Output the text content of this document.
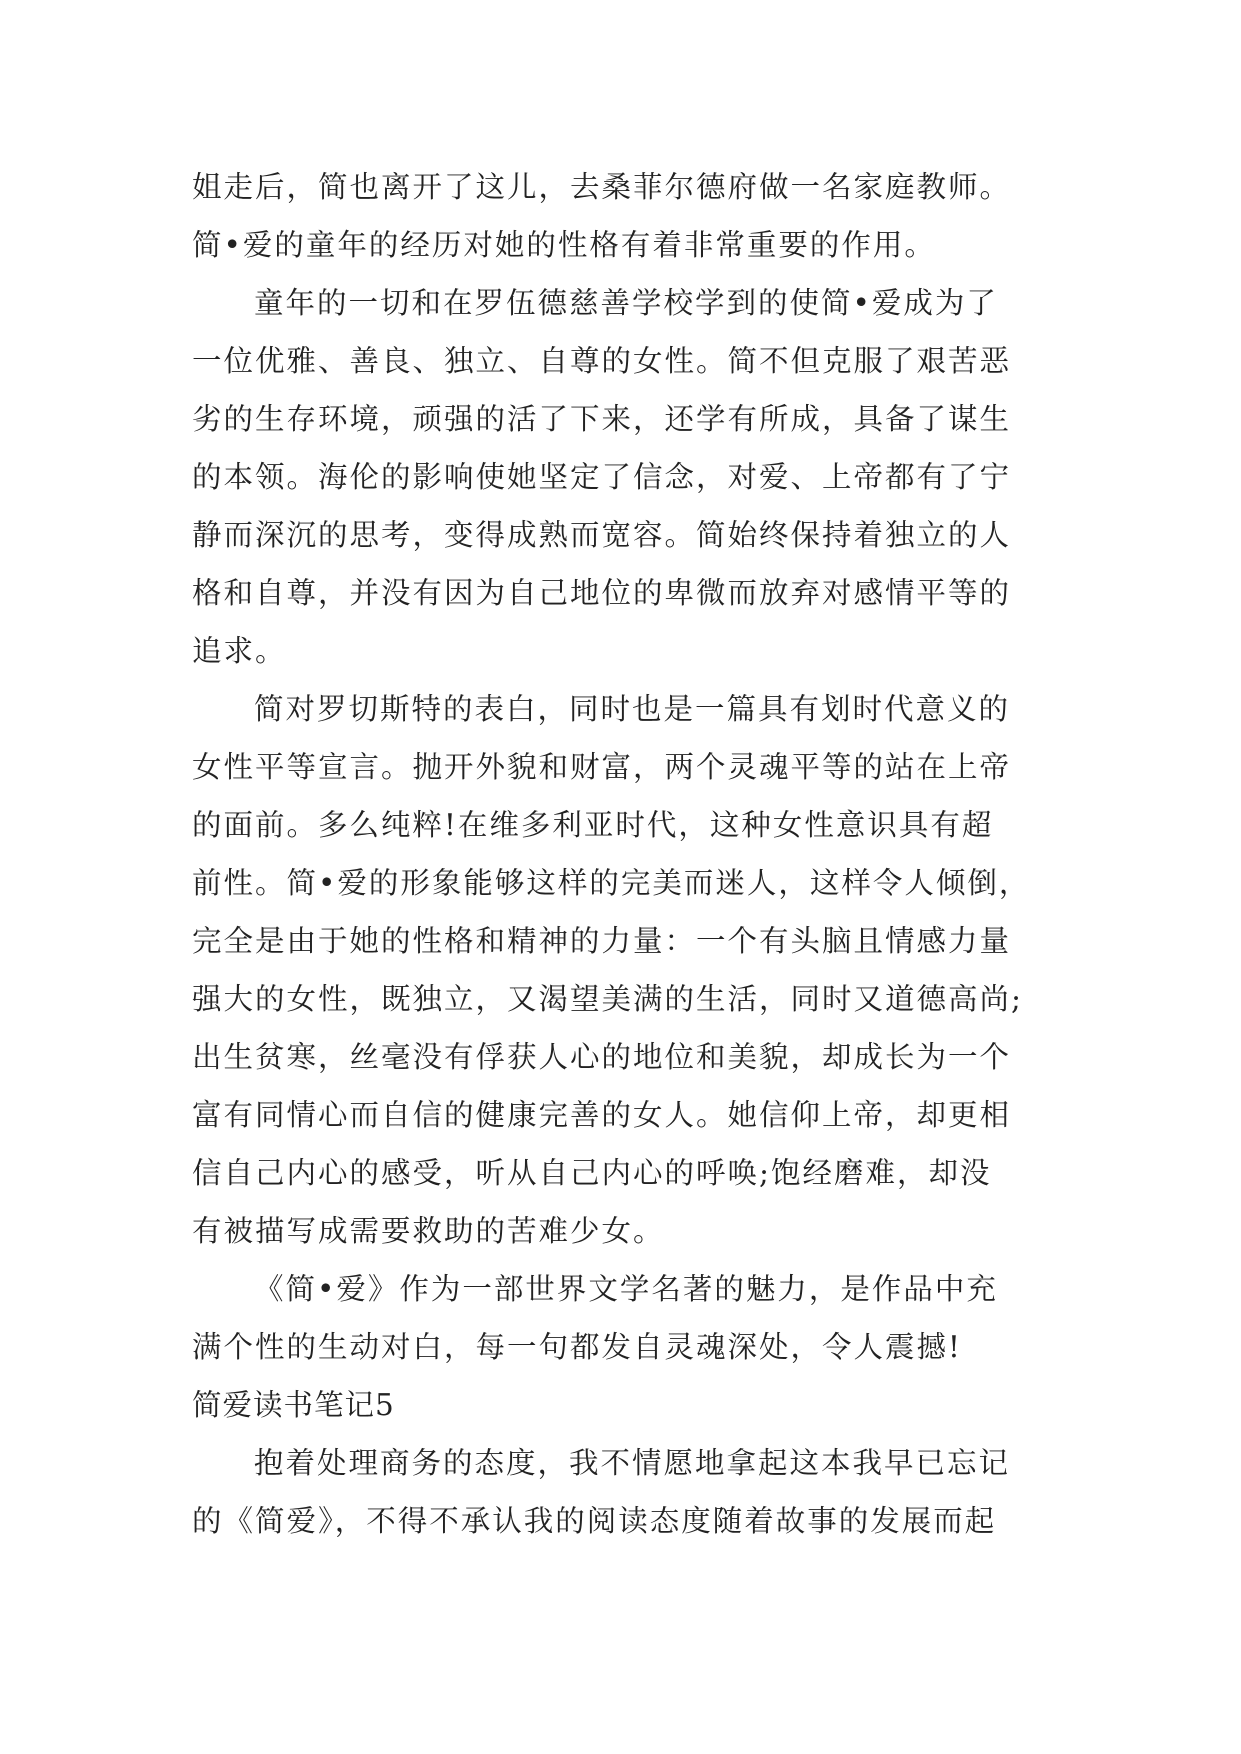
姐走后，简也离开了这儿，去桑菲尔德府做一名家庭教师。
简•爱的童年的经历对她的性格有着非常重要的作用。
童年的一切和在罗伍德慈善学校学到的使简•爱成为了
一位优雅、善良、独立、自尊的女性。简不但克服了艰苦恶
劣的生存环境，顽强的活了下来，还学有所成，具备了谋生
的本领。海伦的影响使她坚定了信念，对爱、上帝都有了宁
静而深沉的思考，变得成熟而宽容。简始终保持着独立的人
格和自尊，并没有因为自己地位的卑微而放弃对感情平等的
追求。
简对罗切斯特的表白，同时也是一篇具有划时代意义的
女性平等宣言。抛开外貌和财富，两个灵魂平等的站在上帝
的面前。多么纯粹!在维多利亚时代，这种女性意识具有超
前性。简•爱的形象能够这样的完美而迷人，这样令人倾倒，
完全是由于她的性格和精神的力量：一个有头脑且情感力量
强大的女性，既独立，又渴望美满的生活，同时又道德高尚;
出生贫寒，丝毫没有俘获人心的地位和美貌，却成长为一个
富有同情心而自信的健康完善的女人。她信仰上帝，却更相
信自己内心的感受，听从自己内心的呼唤;饱经磨难，却没
有被描写成需要救助的苦难少女。
《简•爱》作为一部世界文学名著的魅力，是作品中充
满个性的生动对白，每一句都发自灵魂深处，令人震撼!
简爱读书笔记5
抱着处理商务的态度，我不情愿地拿起这本我早已忘记
的《简爱》，不得不承认我的阅读态度随着故事的发展而起
